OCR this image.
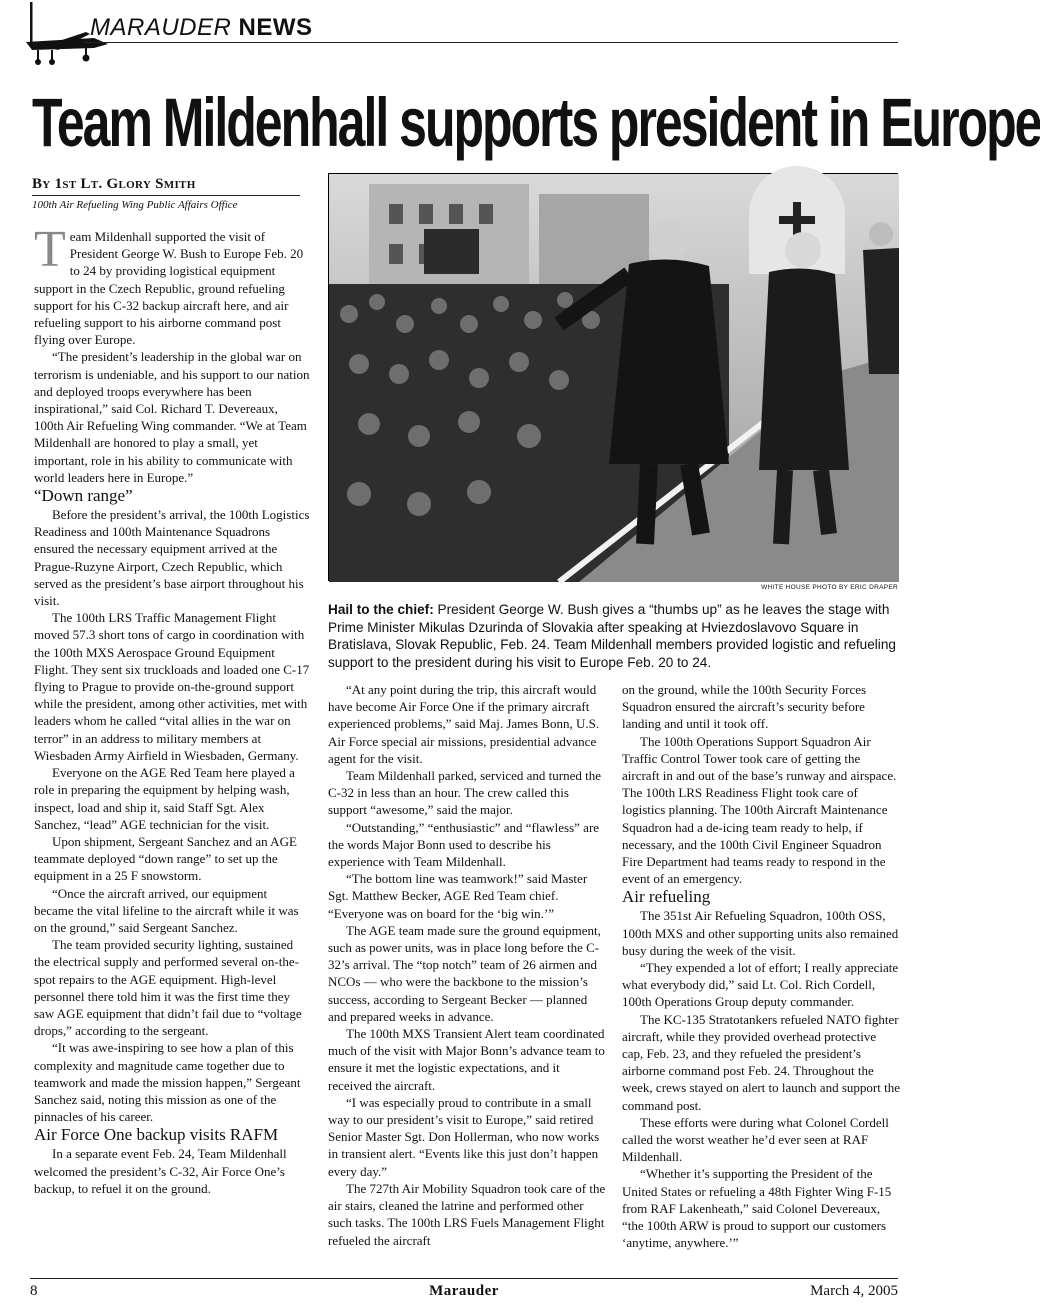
MARAUDER NEWS
Team Mildenhall supports president in Europe
By 1st Lt. Glory Smith
100th Air Refueling Wing Public Affairs Office
WHITE HOUSE PHOTO BY ERIC DRAPER
Hail to the chief: President George W. Bush gives a “thumbs up” as he leaves the stage with Prime Minister Mikulas Dzurinda of Slovakia after speaking at Hviezdoslavovo Square in Bratislava, Slovak Republic, Feb. 24. Team Mildenhall members provided logistic and refueling support to the president during his visit to Europe Feb. 20 to 24.

Team Mildenhall supported the visit of President George W. Bush to Europe Feb. 20 to 24 by providing logistical equipment support in the Czech Republic, ground refueling support for his C-32 backup aircraft here, and air refueling support to his airborne command post flying over Europe.

“The president’s leadership in the global war on terrorism is undeniable, and his support to our nation and deployed troops everywhere has been inspirational,” said Col. Richard T. Devereaux, 100th Air Refueling Wing commander. “We at Team Mildenhall are honored to play a small, yet important, role in his ability to communicate with world leaders here in Europe.”

“Down range”

Before the president’s arrival, the 100th Logistics Readiness and 100th Maintenance Squadrons ensured the necessary equipment arrived at the Prague-Ruzyne Airport, Czech Republic, which served as the president’s base airport throughout his visit.

The 100th LRS Traffic Management Flight moved 57.3 short tons of cargo in coordination with the 100th MXS Aerospace Ground Equipment Flight. They sent six truckloads and loaded one C-17 flying to Prague to provide on-the-ground support while the president, among other activities, met with leaders whom he called “vital allies in the war on terror” in an address to military members at Wiesbaden Army Airfield in Wiesbaden, Germany.

Everyone on the AGE Red Team here played a role in preparing the equipment by helping wash, inspect, load and ship it, said Staff Sgt. Alex Sanchez, “lead” AGE technician for the visit.

Upon shipment, Sergeant Sanchez and an AGE teammate deployed “down range” to set up the equipment in a 25 F snowstorm.

“Once the aircraft arrived, our equipment became the vital lifeline to the aircraft while it was on the ground,” said Sergeant Sanchez.

The team provided security lighting, sustained the electrical supply and performed several on-the-spot repairs to the AGE equipment. High-level personnel there told him it was the first time they saw AGE equipment that didn’t fail due to “voltage drops,” according to the sergeant.

“It was awe-inspiring to see how a plan of this complexity and magnitude came together due to teamwork and made the mission happen,” Sergeant Sanchez said, noting this mission as one of the pinnacles of his career.

Air Force One backup visits RAFM

In a separate event Feb. 24, Team Mildenhall welcomed the president’s C-32, Air Force One’s backup, to refuel it on the ground.

“At any point during the trip, this aircraft would have become Air Force One if the primary aircraft experienced problems,” said Maj. James Bonn, U.S. Air Force special air missions, presidential advance agent for the visit.

Team Mildenhall parked, serviced and turned the C-32 in less than an hour. The crew called this support “awesome,” said the major.

“Outstanding,” “enthusiastic” and “flawless” are the words Major Bonn used to describe his experience with Team Mildenhall.

“The bottom line was teamwork!” said Master Sgt. Matthew Becker, AGE Red Team chief. “Everyone was on board for the ‘big win.’”

The AGE team made sure the ground equipment, such as power units, was in place long before the C-32’s arrival. The “top notch” team of 26 airmen and NCOs — who were the backbone to the mission’s success, according to Sergeant Becker — planned and prepared weeks in advance.

The 100th MXS Transient Alert team coordinated much of the visit with Major Bonn’s advance team to ensure it met the logistic expectations, and it received the aircraft.

“I was especially proud to contribute in a small way to our president’s visit to Europe,” said retired Senior Master Sgt. Don Hollerman, who now works in transient alert. “Events like this just don’t happen every day.”

The 727th Air Mobility Squadron took care of the air stairs, cleaned the latrine and performed other such tasks. The 100th LRS Fuels Management Flight refueled the aircraft

on the ground, while the 100th Security Forces Squadron ensured the aircraft’s security before landing and until it took off.

The 100th Operations Support Squadron Air Traffic Control Tower took care of getting the aircraft in and out of the base’s runway and airspace. The 100th LRS Readiness Flight took care of logistics planning. The 100th Aircraft Maintenance Squadron had a de-icing team ready to help, if necessary, and the 100th Civil Engineer Squadron Fire Department had teams ready to respond in the event of an emergency.

Air refueling

The 351st Air Refueling Squadron, 100th OSS, 100th MXS and other supporting units also remained busy during the week of the visit.

“They expended a lot of effort; I really appreciate what everybody did,” said Lt. Col. Rich Cordell, 100th Operations Group deputy commander.

The KC-135 Stratotankers refueled NATO fighter aircraft, while they provided overhead protective cap, Feb. 23, and they refueled the president’s airborne command post Feb. 24. Throughout the week, crews stayed on alert to launch and support the command post.

These efforts were during what Colonel Cordell called the worst weather he’d ever seen at RAF Mildenhall.

“Whether it’s supporting the President of the United States or refueling a 48th Fighter Wing F-15 from RAF Lakenheath,” said Colonel Devereaux, “the 100th ARW is proud to support our customers ‘anytime, anywhere.’”

8	Marauder	March 4, 2005
